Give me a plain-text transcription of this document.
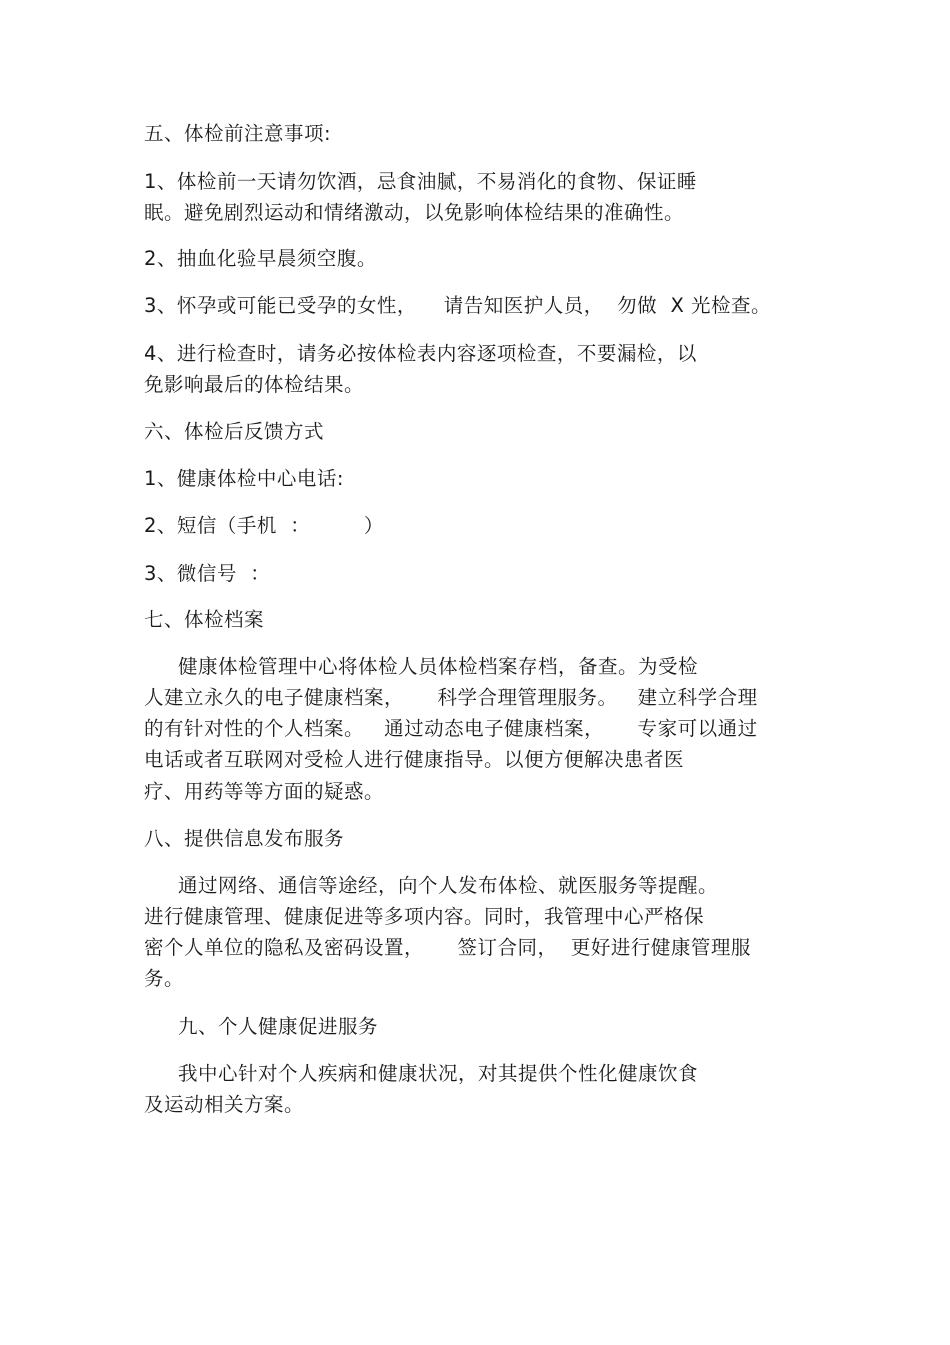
五、体检前注意事项:
1、体检前一天请勿饮酒，忌食油腻，不易消化的食物、保证睡
眠。避免剧烈运动和情绪激动，以免影响体检结果的准确性。
2、抽血化验早晨须空腹。
3、怀孕或可能已受孕的女性，    请告知医护人员，  勿做  X 光检查。
4、进行检查时，请务必按体检表内容逐项检查，不要漏检，以
免影响最后的体检结果。
六、体检后反馈方式
1、健康体检中心电话:
2、短信（手机  ：        ）
3、微信号  ：
七、体检档案
健康体检管理中心将体检人员体检档案存档，备查。为受检
人建立永久的电子健康档案，     科学合理管理服务。   建立科学合理
的有针对性的个人档案。   通过动态电子健康档案，     专家可以通过
电话或者互联网对受检人进行健康指导。以便方便解决患者医
疗、用药等等方面的疑惑。
八、提供信息发布服务
通过网络、通信等途经，向个人发布体检、就医服务等提醒。
进行健康管理、健康促进等多项内容。同时，我管理中心严格保
密个人单位的隐私及密码设置，     签订合同，  更好进行健康管理服
务。
九、个人健康促进服务
我中心针对个人疾病和健康状况，对其提供个性化健康饮食
及运动相关方案。
